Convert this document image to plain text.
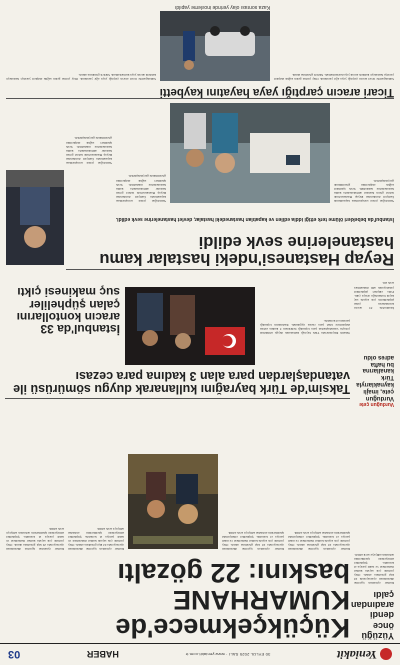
Yeniakit
30 EYLÜL 2025 SALI · www.yeniakit.com.tr
HABER
03
Küçükçekmece'de
KUMARHANE
baskını: 22 gözaltı
Yüzüğü önce dendi aradından çaldı
Kumar oynatılan işyerine düzenlenen operasyonda 22 kişi gözaltına alındı. Olay yerinde çok sayıda kumar malzemesi ve nakit paraya el konuldu. Şüpheliler emniyetteki işlemlerinin ardından adliyeye sevk edildi.
Kumar oynatılan işyerine düzenlenen operasyonda 22 kişi gözaltına alındı. Olay yerinde çok sayıda kumar malzemesi ve nakit paraya el konuldu. Şüpheliler emniyetteki işlemlerinin ardından adliyeye sevk edildi.
Kumar oynatılan işyerine düzenlenen operasyonda 22 kişi gözaltına alındı. Olay yerinde çok sayıda kumar malzemesi ve nakit paraya el konuldu. Şüpheliler emniyetteki işlemlerinin ardından adliyeye sevk edildi.
Kumar oynatılan işyerine düzenlenen operasyonda 22 kişi gözaltına alındı. Olay yerinde çok sayıda kumar malzemesi ve nakit paraya el konuldu. Şüpheliler emniyetteki işlemlerinin ardından adliyeye sevk edildi.
Kumar oynatılan işyerine düzenlenen operasyonda 22 kişi gözaltına alındı. Olay yerinde çok sayıda kumar malzemesi ve nakit paraya el konuldu. Şüpheliler emniyetteki işlemlerinin ardından adliyeye sevk edildi.
Taksim'de Türk bayrağını kullanarak duygu sömürüsü ile vatandaşlardan para alan 3 kadına para cezası
Taksim Meydanı'nda Türk bayrağı kullanarak duygu sömürüsü yoluyla vatandaşlardan para topladığı belirlenen 3 kadına zabıta ekiplerince idari para cezası uygulandı. Kadınların topladığı paralara el konuldu.
Vurduğun çete
Vurduğun çete, imajlı kaynaklarıyla Türk kanallarına bu hafta adres oldu
İstanbul'da 33 aracın kontollarını çalan şüpheliler suç makinesi çıktı
İstanbul'da 33 aracın kontaklarını çalan şüphelilerin çok sayıda suç kaydı bulunduğu ortaya çıktı. Polis ekipleri şüphelileri yakalayarak adli makamlara sevk etti.
Reyap Hastanesi'ndeki hastalar kamu hastanelerine sevk edildi
İstanbul'da bebekleri ölüme terk ettiği iddia edilen ve kapatılan hastanedeki hastalar, devlet hastanelerine sevk edildi.
Yenidoğan çetesi soruşturması kapsamında faaliyeti durdurulan Reyap Hastanesi'nde tedavi gören hastalar ambulanslarla kamu hastanelerine nakledildi. Sevk işlemleri sağlık ekiplerinin gözetiminde gerçekleştirildi.
Yenidoğan çetesi soruşturması kapsamında faaliyeti durdurulan Reyap Hastanesi'nde tedavi gören hastalar ambulanslarla kamu hastanelerine nakledildi. Sevk işlemleri sağlık ekiplerinin gözetiminde gerçekleştirildi.
Yenidoğan çetesi soruşturması kapsamında faaliyeti durdurulan Reyap Hastanesi'nde tedavi gören hastalar ambulanslarla kamu hastanelerine nakledildi. Sevk işlemleri sağlık ekiplerinin gözetiminde gerçekleştirildi.
Ticari aracın çarptığı yaya hayatını kaybetti
Sultangazi'de ticari aracın çarptığı yaya ağır yaralandı. Olay yerine gelen sağlık ekipleri yaralıyı hastaneye kaldırdı ancak yaya kurtarılamadı. Sürücü gözaltına alındı.
Kaza sonrası olay yerinde inceleme yapıldı
Sultangazi'de ticari aracın çarptığı yaya ağır yaralandı. Olay yerine gelen sağlık ekipleri yaralıyı hastaneye kaldırdı ancak yaya kurtarılamadı. Sürücü gözaltına alındı.
